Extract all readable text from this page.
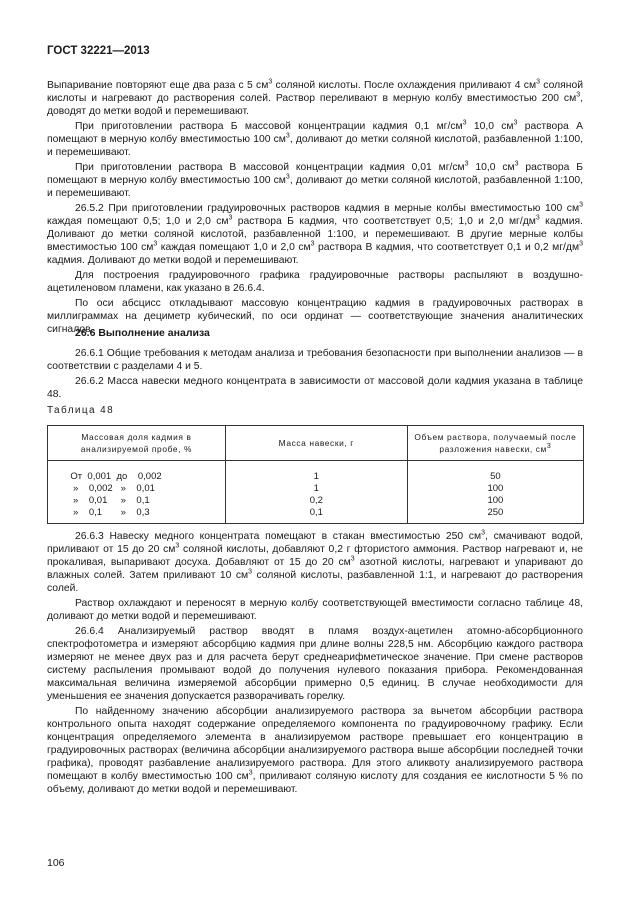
ГОСТ 32221—2013

Выпаривание повторяют еще два раза с 5 $см^3$ соляной кислоты. После охлаждения приливают 4 $см^3$ соляной кислоты и нагревают до растворения солей. Раствор переливают в мерную колбу вместимостью 200 $см^3$, доводят до метки водой и перемешивают.

При приготовлении раствора Б массовой концентрации кадмия 0,1 $мг/см^3$ 10,0 $см^3$ раствора А помещают в мерную колбу вместимостью 100 $см^3$, доливают до метки соляной кислотой, разбавленной 1:100, и перемешивают.

При приготовлении раствора В массовой концентрации кадмия 0,01 $мг/см^3$ 10,0 $см^3$ раствора Б помещают в мерную колбу вместимостью 100 $см^3$, доливают до метки соляной кислотой, разбавленной 1:100, и перемешивают.

26.5.2 При приготовлении градуировочных растворов кадмия в мерные колбы вместимостью 100 $см^3$ каждая помещают 0,5; 1,0 и 2,0 $см^3$ раствора Б кадмия, что соответствует 0,5; 1,0 и 2,0 $мг/дм^3$ кадмия. Доливают до метки соляной кислотой, разбавленной 1:100, и перемешивают. В другие мерные колбы вместимостью 100 $см^3$ каждая помещают 1,0 и 2,0 $см^3$ раствора В кадмия, что соответствует 0,1 и 0,2 $мг/дм^3$ кадмия. Доливают до метки водой и перемешивают.

Для построения градуировочного графика градуировочные растворы распыляют в воздушно-ацетиленовом пламени, как указано в 26.6.4.

По оси абсцисс откладывают массовую концентрацию кадмия в градуировочных растворах в миллиграммах на дециметр кубический, по оси ординат — соответствующие значения аналитических сигналов.

26.6 Выполнение анализа

26.6.1 Общие требования к методам анализа и требования безопасности при выполнении анализов — в соответствии с разделами 4 и 5.

26.6.2 Масса навески медного концентрата в зависимости от массовой доли кадмия указана в таблице 48.

Таблица 48
Массовая доля кадмия в анализируемой пробе, %	Масса навески, г	Объем раствора, получаемый после разложения навески, $см^3$
От  0,001  до    0,002	1	50
»    0,002   »    0,01	1	100
»    0,01     »    0,1	0,2	100
»    0,1       »    0,3	0,1	250

26.6.3 Навеску медного концентрата помещают в стакан вместимостью 250 $см^3$, смачивают водой, приливают от 15 до 20 $см^3$ соляной кислоты, добавляют 0,2 г фтористого аммония. Раствор нагревают и, не прокаливая, выпаривают досуха. Добавляют от 15 до 20 $см^3$ азотной кислоты, нагревают и упаривают до влажных солей. Затем приливают 10 $см^3$ соляной кислоты, разбавленной 1:1, и нагревают до растворения солей.

Раствор охлаждают и переносят в мерную колбу соответствующей вместимости согласно таблице 48, доливают до метки водой и перемешивают.

26.6.4 Анализируемый раствор вводят в пламя воздух-ацетилен атомно-абсорбционного спектрофотометра и измеряют абсорбцию кадмия при длине волны 228,5 нм. Абсорбцию каждого раствора измеряют не менее двух раз и для расчета берут среднеарифметическое значение. При смене растворов систему распыления промывают водой до получения нулевого показания прибора. Рекомендованная максимальная величина измеряемой абсорбции примерно 0,5 единиц. В случае необходимости для уменьшения ее значения допускается разворачивать горелку.

По найденному значению абсорбции анализируемого раствора за вычетом абсорбции раствора контрольного опыта находят содержание определяемого компонента по градуировочному графику. Если концентрация определяемого элемента в анализируемом растворе превышает его концентрацию в градуировочных растворах (величина абсорбции анализируемого раствора выше абсорбции последней точки графика), проводят разбавление анализируемого раствора. Для этого аликвоту анализируемого раствора помещают в колбу вместимостью 100 $см^3$, приливают соляную кислоту для создания ее кислотности 5 % по объему, доливают до метки водой и перемешивают.

106
